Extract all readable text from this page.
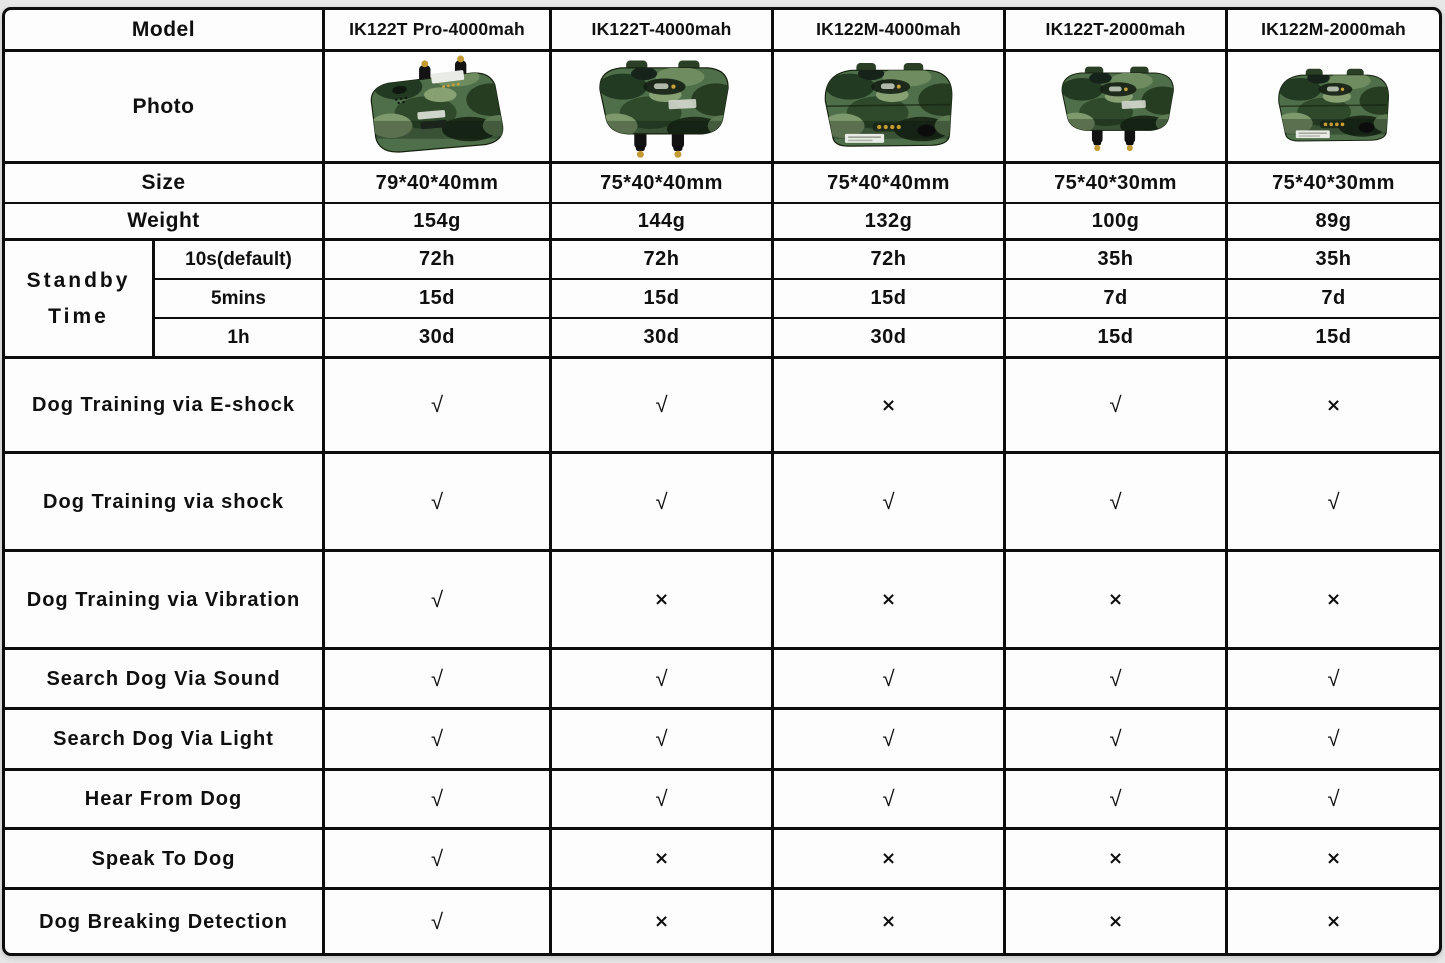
Model	IK122T Pro-4000mah	IK122T-4000mah	IK122M-4000mah	IK122T-2000mah	IK122M-2000mah
Photo
Size	79*40*40mm	75*40*40mm	75*40*40mm	75*40*30mm	75*40*30mm
Weight	154g	144g	132g	100g	89g
Standby Time
10s(default)	72h	72h	72h	35h	35h
5mins	15d	15d	15d	7d	7d
1h	30d	30d	30d	15d	15d
Dog Training via E-shock	√	√	×	√	×
Dog Training via shock	√	√	√	√	√
Dog Training via Vibration	√	×	×	×	×
Search Dog Via Sound	√	√	√	√	√
Search Dog Via Light	√	√	√	√	√
Hear From Dog	√	√	√	√	√
Speak To Dog	√	×	×	×	×
Dog Breaking Detection	√	×	×	×	×
